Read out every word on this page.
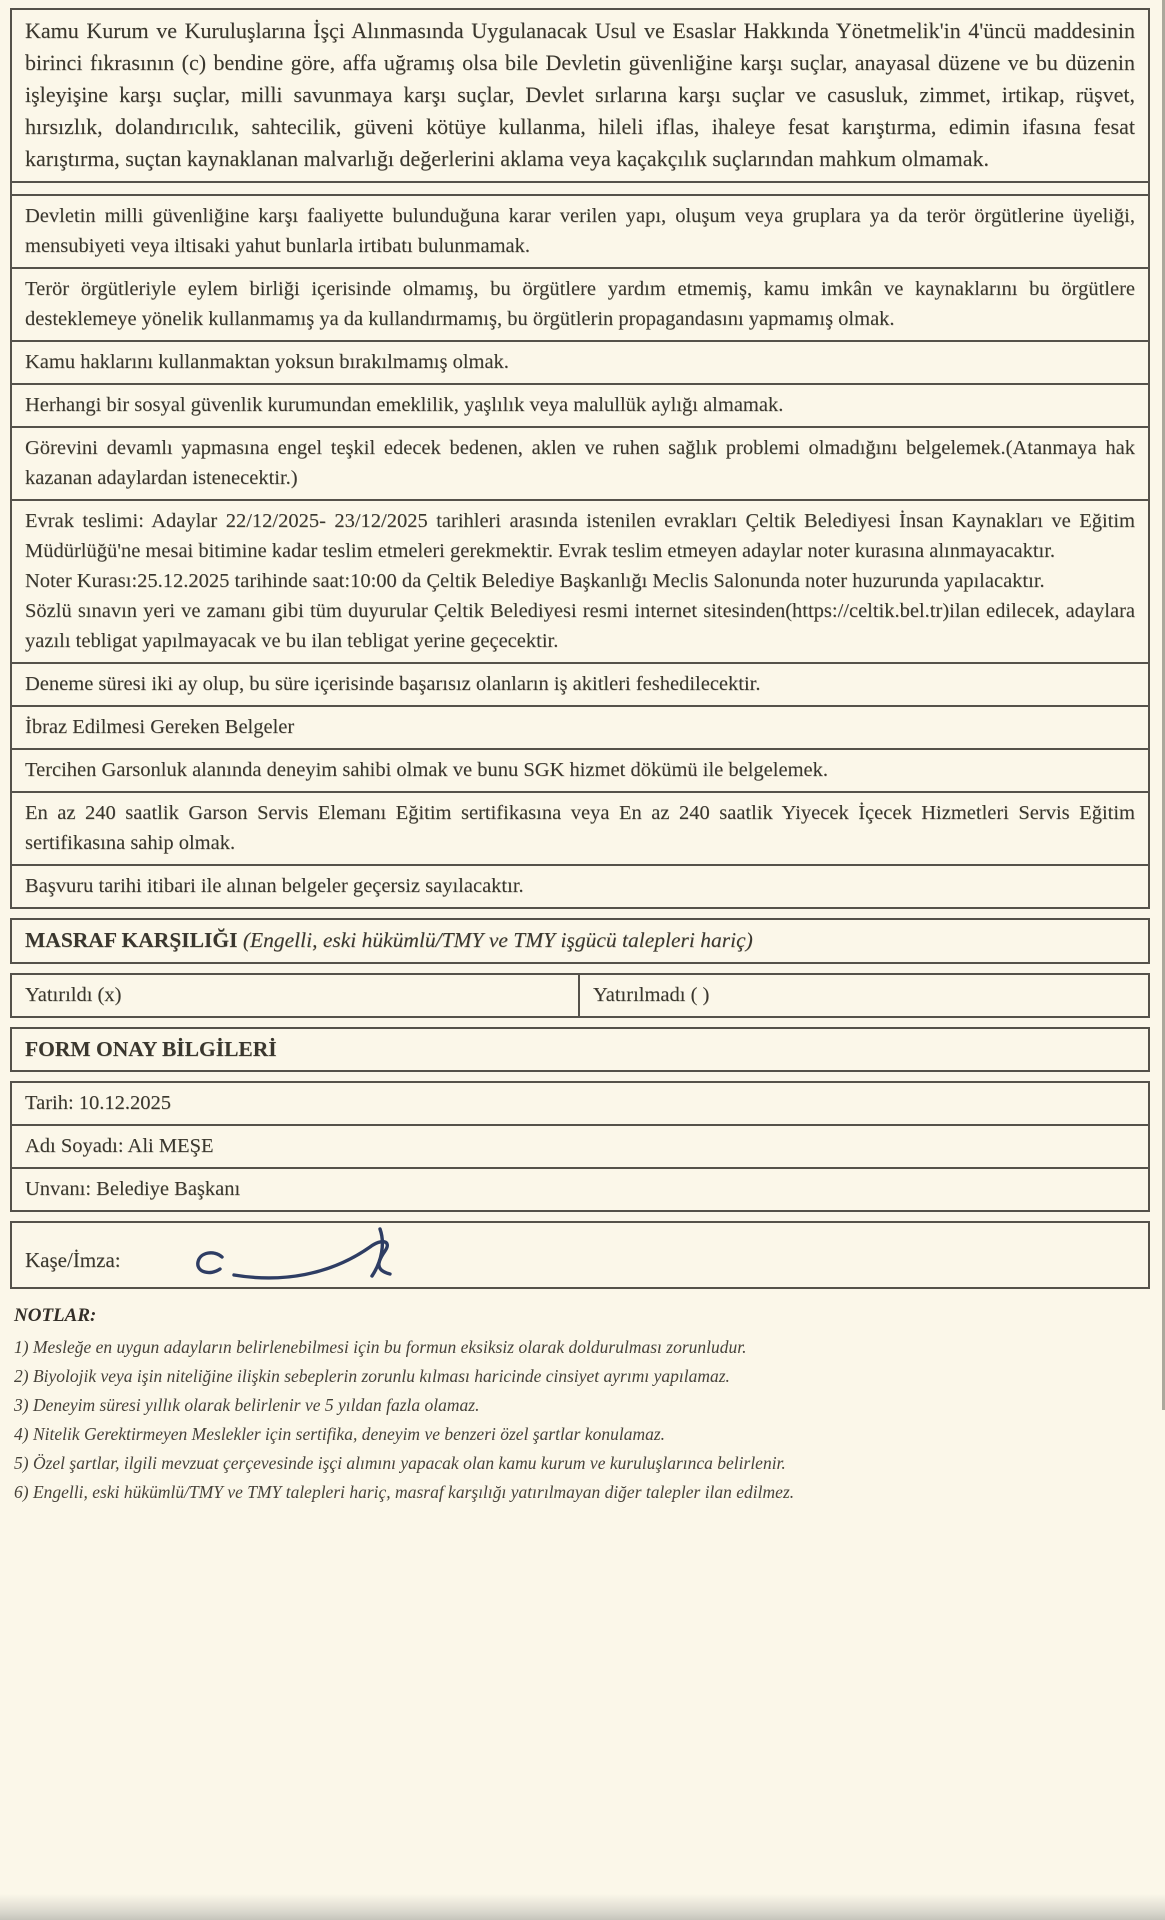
Kamu Kurum ve Kuruluşlarına İşçi Alınmasında Uygulanacak Usul ve Esaslar Hakkında Yönetmelik'in 4'üncü maddesinin birinci fıkrasının (c) bendine göre, affa uğramış olsa bile Devletin güvenliğine karşı suçlar, anayasal düzene ve bu düzenin işleyişine karşı suçlar, milli savunmaya karşı suçlar, Devlet sırlarına karşı suçlar ve casusluk, zimmet, irtikap, rüşvet, hırsızlık, dolandırıcılık, sahtecilik, güveni kötüye kullanma, hileli iflas, ihaleye fesat karıştırma, edimin ifasına fesat karıştırma, suçtan kaynaklanan malvarlığı değerlerini aklama veya kaçakçılık suçlarından mahkum olmamak.

Devletin milli güvenliğine karşı faaliyette bulunduğuna karar verilen yapı, oluşum veya gruplara ya da terör örgütlerine üyeliği, mensubiyeti veya iltisaki yahut bunlarla irtibatı bulunmamak.

Terör örgütleriyle eylem birliği içerisinde olmamış, bu örgütlere yardım etmemiş, kamu imkân ve kaynaklarını bu örgütlere desteklemeye yönelik kullanmamış ya da kullandırmamış, bu örgütlerin propagandasını yapmamış olmak.

Kamu haklarını kullanmaktan yoksun bırakılmamış olmak.

Herhangi bir sosyal güvenlik kurumundan emeklilik, yaşlılık veya malullük aylığı almamak.

Görevini devamlı yapmasına engel teşkil edecek bedenen, aklen ve ruhen sağlık problemi olmadığını belgelemek.(Atanmaya hak kazanan adaylardan istenecektir.)

Evrak teslimi: Adaylar 22/12/2025- 23/12/2025 tarihleri arasında istenilen evrakları Çeltik Belediyesi İnsan Kaynakları ve Eğitim Müdürlüğü'ne mesai bitimine kadar teslim etmeleri gerekmektir. Evrak teslim etmeyen adaylar noter kurasına alınmayacaktır.

Noter Kurası:25.12.2025 tarihinde saat:10:00 da Çeltik Belediye Başkanlığı Meclis Salonunda noter huzurunda yapılacaktır.

Sözlü sınavın yeri ve zamanı gibi tüm duyurular Çeltik Belediyesi resmi internet sitesinden(https://celtik.bel.tr)ilan edilecek, adaylara yazılı tebligat yapılmayacak ve bu ilan tebligat yerine geçecektir.

Deneme süresi iki ay olup, bu süre içerisinde başarısız olanların iş akitleri feshedilecektir.

İbraz Edilmesi Gereken Belgeler

Tercihen Garsonluk alanında deneyim sahibi olmak ve bunu SGK hizmet dökümü ile belgelemek.

En az 240 saatlik Garson Servis Elemanı Eğitim sertifikasına veya En az 240 saatlik Yiyecek İçecek Hizmetleri Servis Eğitim sertifikasına sahip olmak.

Başvuru tarihi itibari ile alınan belgeler geçersiz sayılacaktır.

MASRAF KARŞILIĞI (Engelli, eski hükümlü/TMY ve TMY işgücü talepleri hariç)

Yatırıldı (x)	Yatırılmadı ( )

FORM ONAY BİLGİLERİ

Tarih: 10.12.2025

Adı Soyadı: Ali MEŞE

Unvanı: Belediye Başkanı

Kaşe/İmza:
NOTLAR:
1) Mesleğe en uygun adayların belirlenebilmesi için bu formun eksiksiz olarak doldurulması zorunludur.
2) Biyolojik veya işin niteliğine ilişkin sebeplerin zorunlu kılması haricinde cinsiyet ayrımı yapılamaz.
3) Deneyim süresi yıllık olarak belirlenir ve 5 yıldan fazla olamaz.
4) Nitelik Gerektirmeyen Meslekler için sertifika, deneyim ve benzeri özel şartlar konulamaz.
5) Özel şartlar, ilgili mevzuat çerçevesinde işçi alımını yapacak olan kamu kurum ve kuruluşlarınca belirlenir.
6) Engelli, eski hükümlü/TMY ve TMY talepleri hariç, masraf karşılığı yatırılmayan diğer talepler ilan edilmez.
